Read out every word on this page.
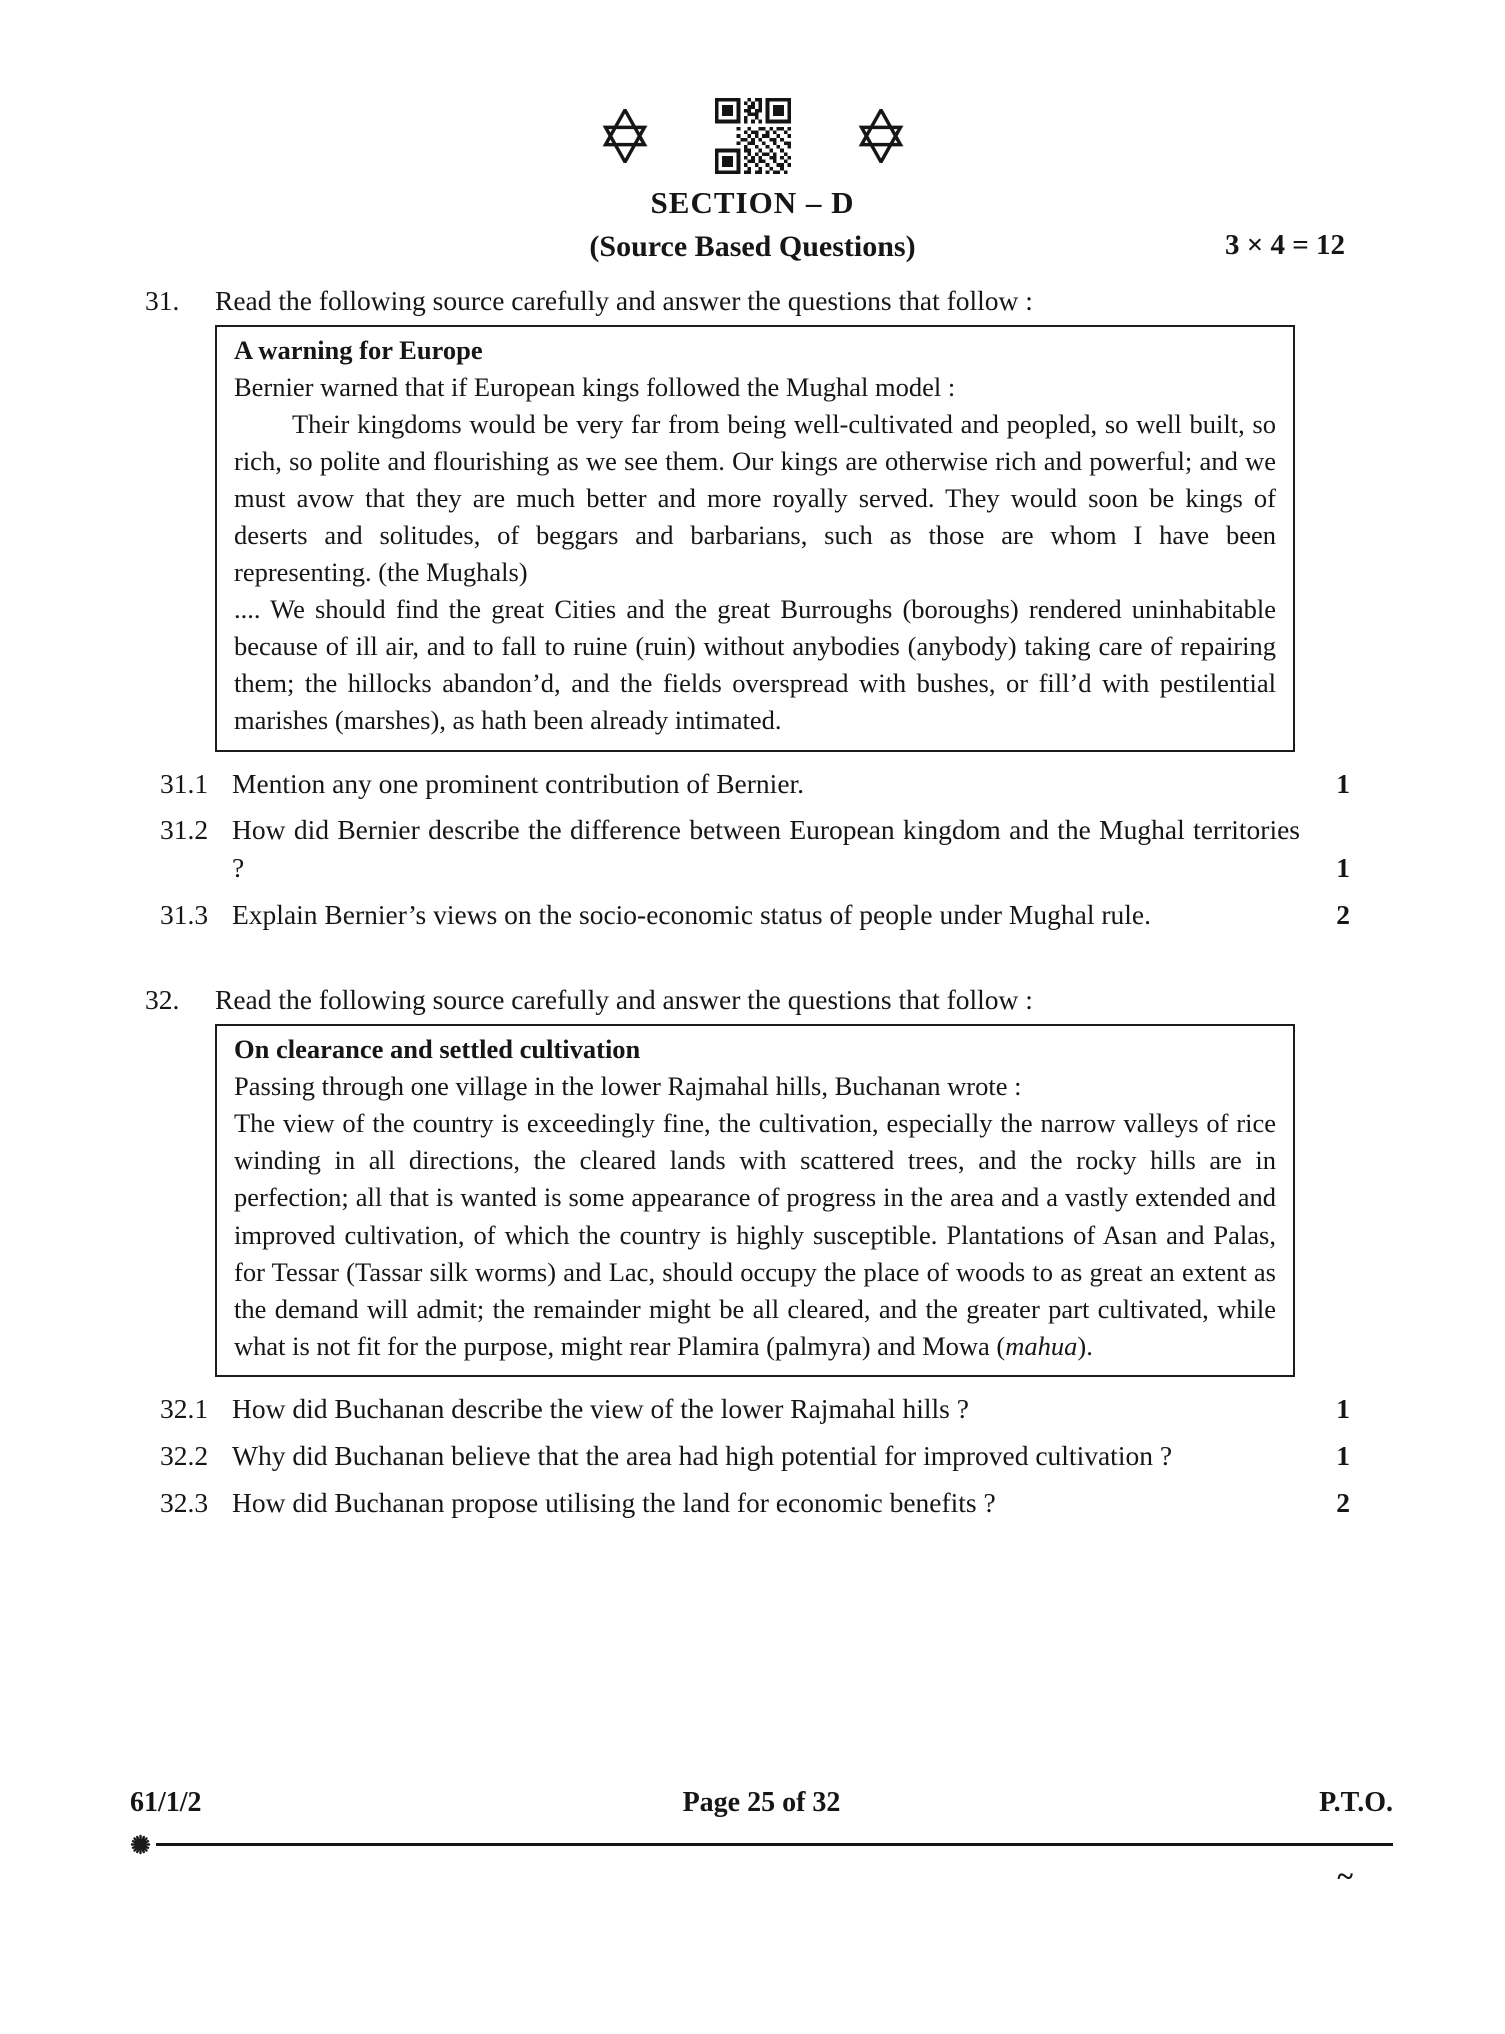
SECTION – D
(Source Based Questions)	3 × 4 = 12
31.	Read the following source carefully and answer the questions that follow :

A warning for Europe

Bernier warned that if European kings followed the Mughal model :

Their kingdoms would be very far from being well-cultivated and peopled, so well built, so rich, so polite and flourishing as we see them. Our kings are otherwise rich and powerful; and we must avow that they are much better and more royally served. They would soon be kings of deserts and solitudes, of beggars and barbarians, such as those are whom I have been representing. (the Mughals)

.... We should find the great Cities and the great Burroughs (boroughs) rendered uninhabitable because of ill air, and to fall to ruine (ruin) without anybodies (anybody) taking care of repairing them; the hillocks abandon’d, and the fields overspread with bushes, or fill’d with pestilential marishes (marshes), as hath been already intimated.

31.1 Mention any one prominent contribution of Bernier.	1
31.2 How did Bernier describe the difference between European kingdom and the Mughal territories ?	1
31.3 Explain Bernier’s views on the socio-economic status of people under Mughal rule.	2
32.	Read the following source carefully and answer the questions that follow :

On clearance and settled cultivation

Passing through one village in the lower Rajmahal hills, Buchanan wrote :

The view of the country is exceedingly fine, the cultivation, especially the narrow valleys of rice winding in all directions, the cleared lands with scattered trees, and the rocky hills are in perfection; all that is wanted is some appearance of progress in the area and a vastly extended and improved cultivation, of which the country is highly susceptible. Plantations of Asan and Palas, for Tessar (Tassar silk worms) and Lac, should occupy the place of woods to as great an extent as the demand will admit; the remainder might be all cleared, and the greater part cultivated, while what is not fit for the purpose, might rear Plamira (palmyra) and Mowa (mahua).

32.1 How did Buchanan describe the view of the lower Rajmahal hills ?	1
32.2 Why did Buchanan believe that the area had high potential for improved cultivation ?	1
32.3 How did Buchanan propose utilising the land for economic benefits ?	2
61/1/2	Page 25 of 32	P.T.O.
~
